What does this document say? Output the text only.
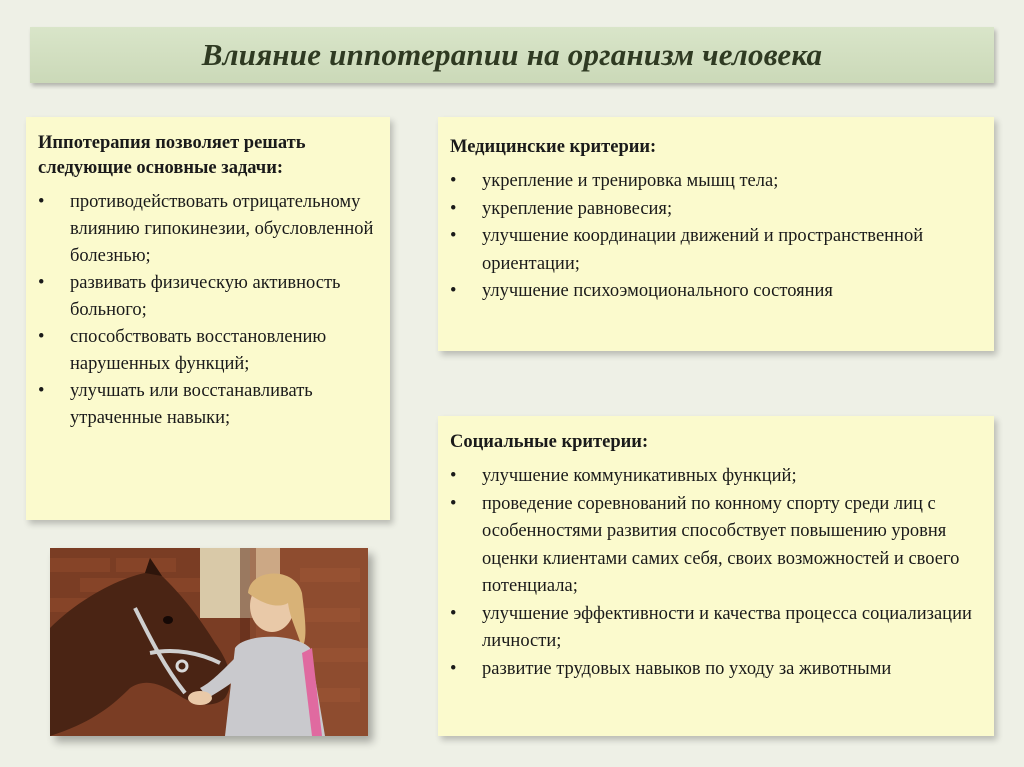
Влияние иппотерапии на организм человека

Иппотерапия позволяет решать следующие основные задачи:

• противодействовать отрицательному влиянию гипокинезии, обусловленной болезнью;
• развивать физическую активность больного;
• способствовать восстановлению нарушенных функций;
• улучшать или восстанавливать утраченные навыки;

Медицинские критерии:

• укрепление и тренировка мышц тела;
• укрепление равновесия;
• улучшение координации движений и пространственной ориентации;
• улучшение психоэмоционального состояния

Социальные критерии:

• улучшение коммуникативных функций;
• проведение соревнований по конному спорту среди лиц с особенностями развития способствует повышению уровня оценки клиентами самих себя, своих возможностей и своего потенциала;
• улучшение эффективности и качества процесса социализации личности;
• развитие трудовых навыков по уходу за животными
